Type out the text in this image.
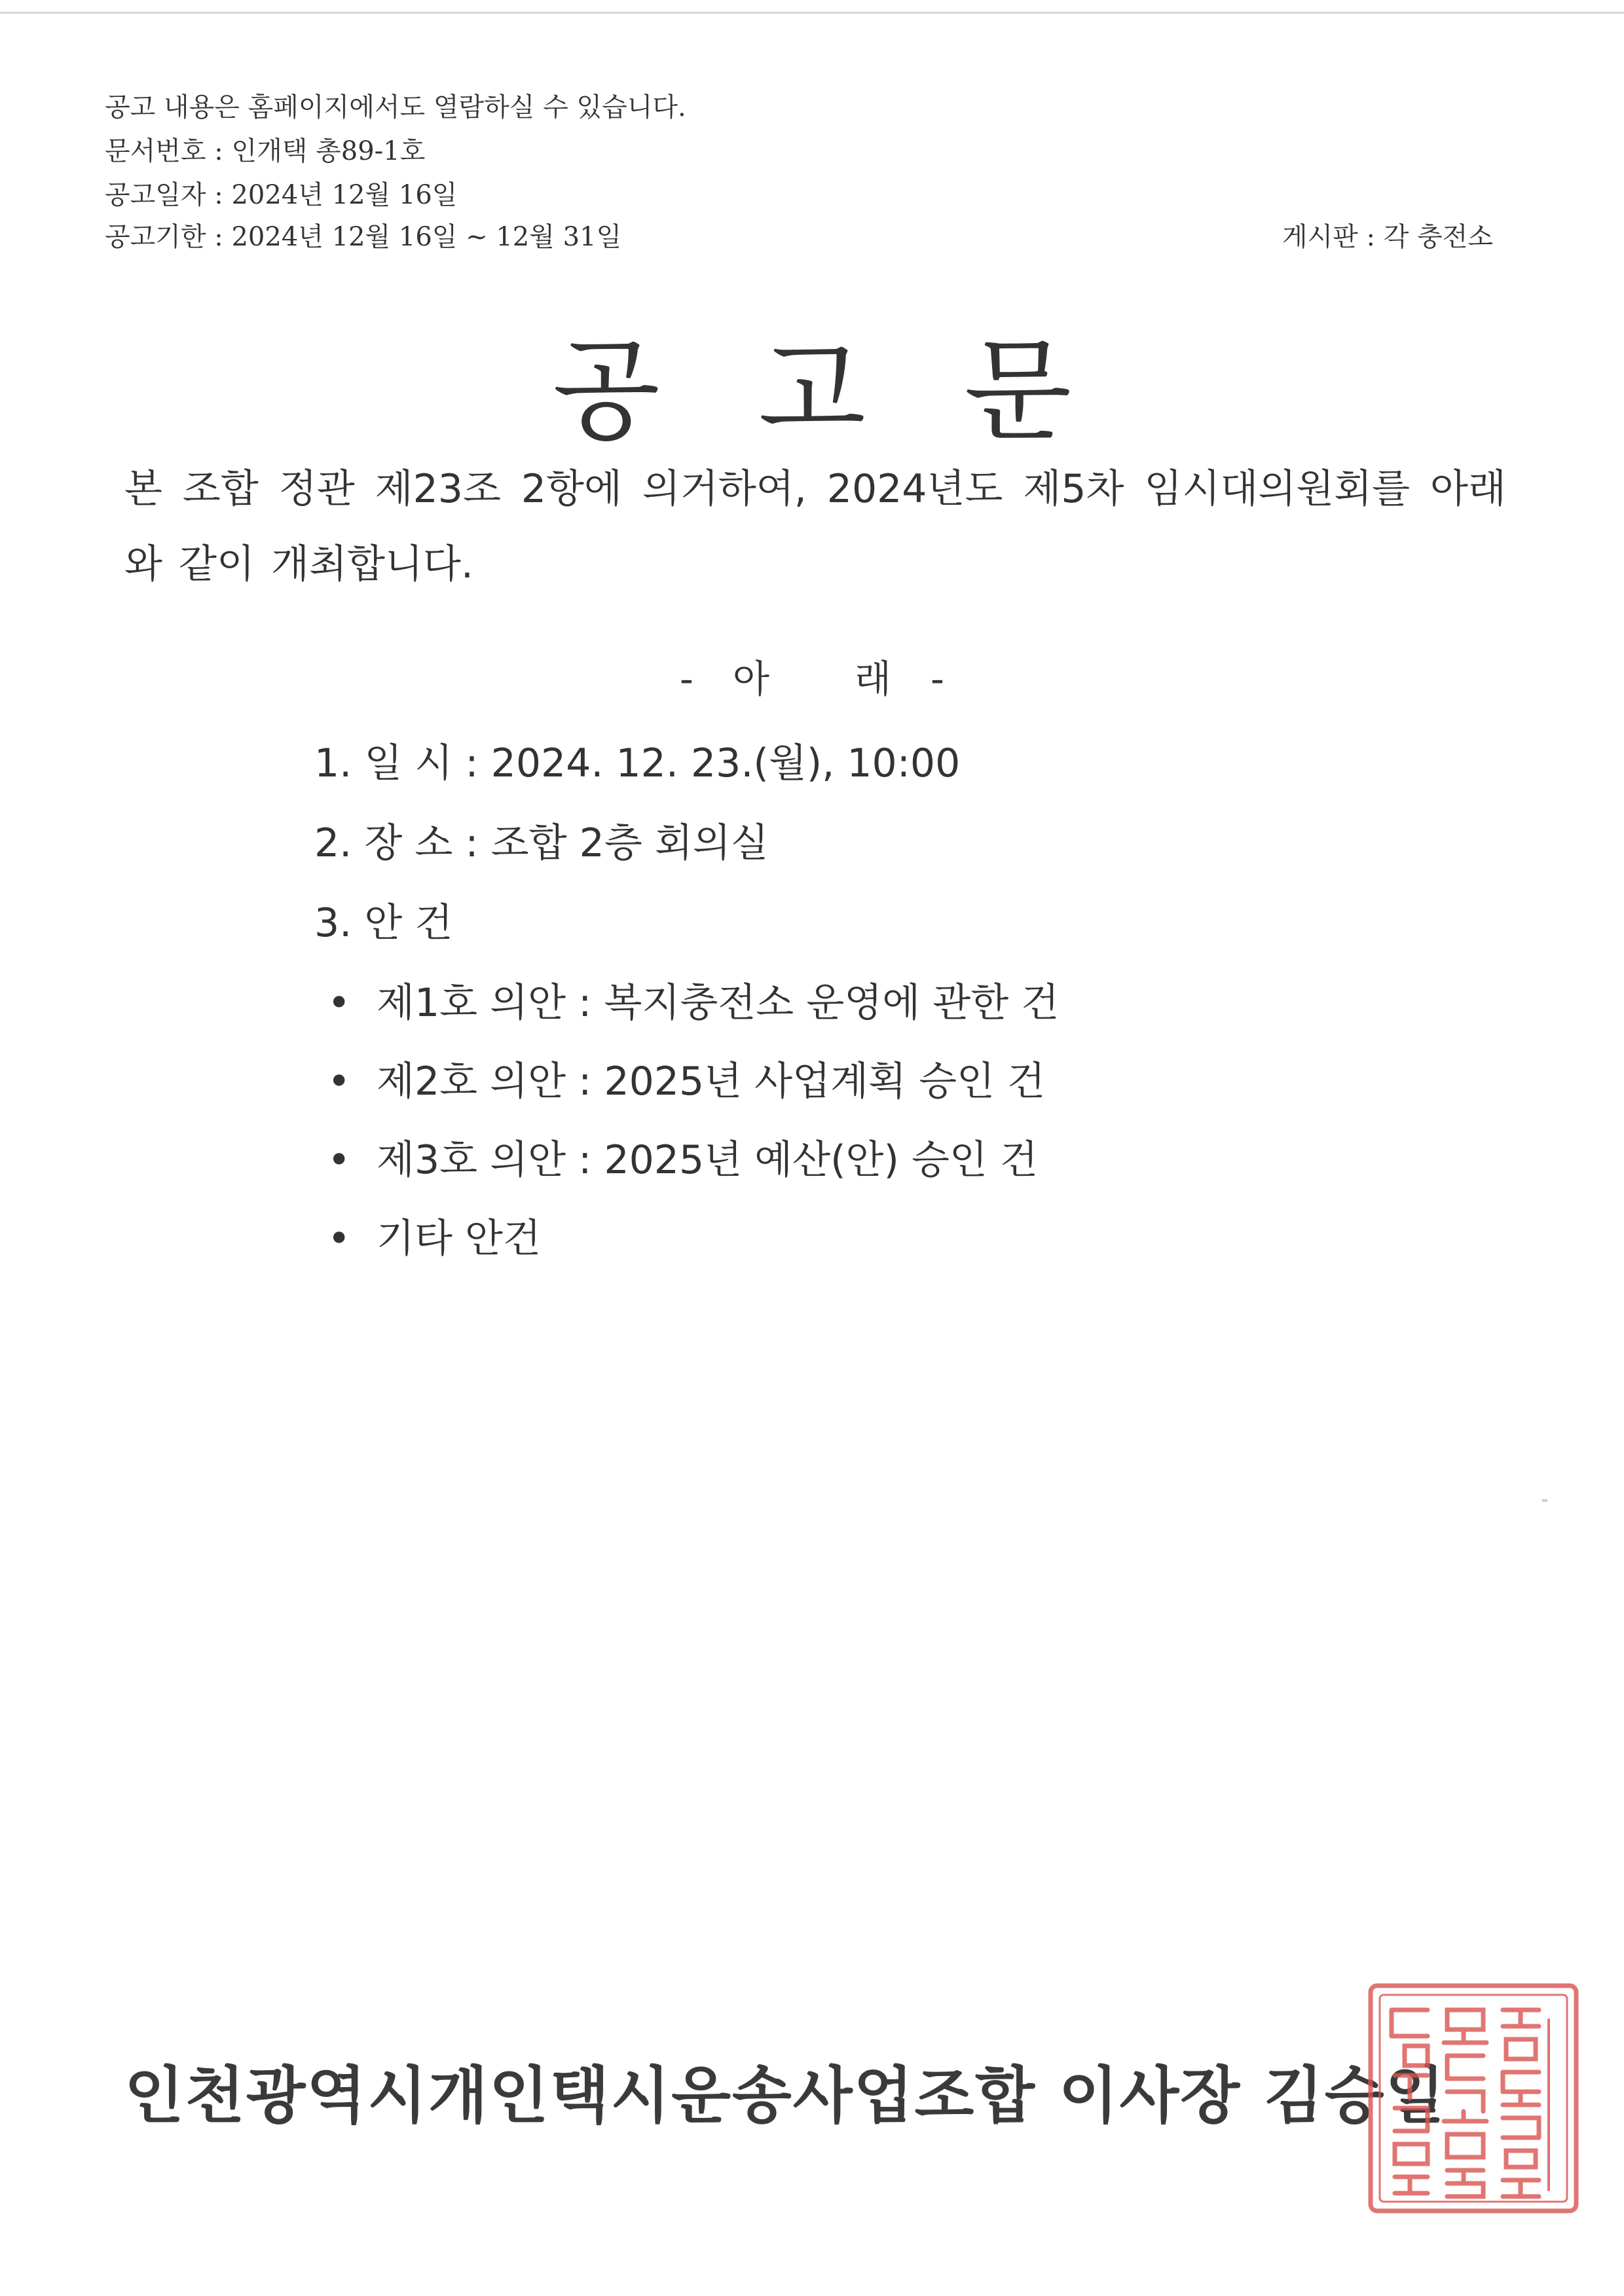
공고 내용은 홈페이지에서도 열람하실 수 있습니다.
문서번호 : 인개택 총89-1호
공고일자 : 2024년 12월 16일
공고기한 : 2024년 12월 16일 ~ 12월 31일	게시판 : 각 충전소
공고문
본 조합 정관 제23조 2항에 의거하여, 2024년도 제5차 임시대의원회를 아래와 같이 개최합니다.
- 아 래 -
1. 일 시 : 2024. 12. 23.(월), 10:00
2. 장 소 : 조합 2층 회의실
3. 안 건
• 제1호 의안 : 복지충전소 운영에 관한 건
• 제2호 의안 : 2025년 사업계획 승인 건
• 제3호 의안 : 2025년 예산(안) 승인 건
• 기타 안건
인천광역시개인택시운송사업조합 이사장 김승일
